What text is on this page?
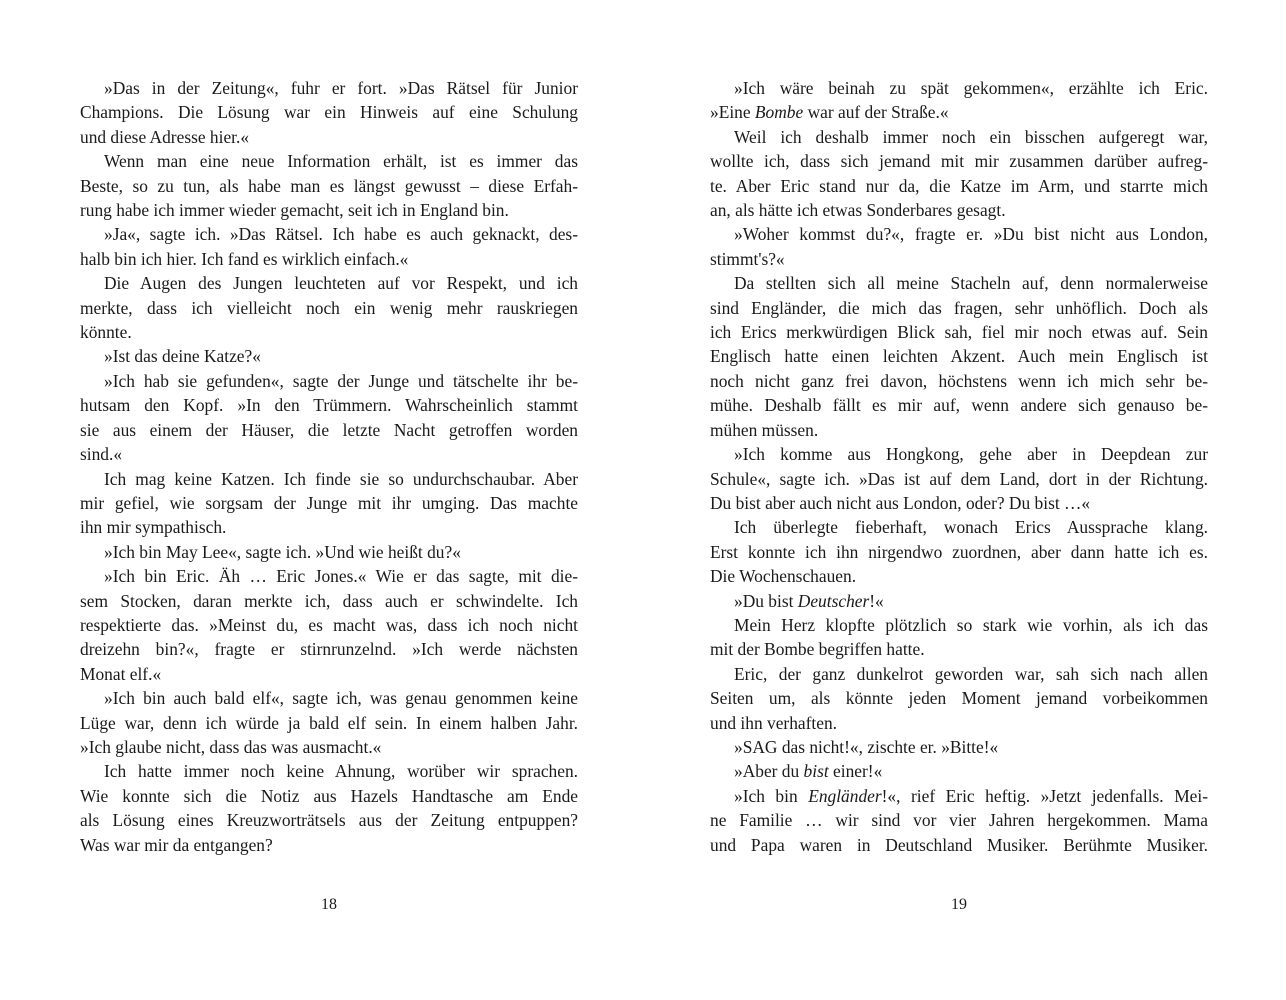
»Das in der Zeitung«, fuhr er fort. »Das Rätsel für Junior
Champions. Die Lösung war ein Hinweis auf eine Schulung
und diese Adresse hier.«
Wenn man eine neue Information erhält, ist es immer das
Beste, so zu tun, als habe man es längst gewusst – diese Erfah-
rung habe ich immer wieder gemacht, seit ich in England bin.
»Ja«, sagte ich. »Das Rätsel. Ich habe es auch geknackt, des-
halb bin ich hier. Ich fand es wirklich einfach.«
Die Augen des Jungen leuchteten auf vor Respekt, und ich
merkte, dass ich vielleicht noch ein wenig mehr rauskriegen
könnte.
»Ist das deine Katze?«
»Ich hab sie gefunden«, sagte der Junge und tätschelte ihr be-
hutsam den Kopf. »In den Trümmern. Wahrscheinlich stammt
sie aus einem der Häuser, die letzte Nacht getroffen worden
sind.«
Ich mag keine Katzen. Ich finde sie so undurchschaubar. Aber
mir gefiel, wie sorgsam der Junge mit ihr umging. Das machte
ihn mir sympathisch.
»Ich bin May Lee«, sagte ich. »Und wie heißt du?«
»Ich bin Eric. Äh … Eric Jones.« Wie er das sagte, mit die-
sem Stocken, daran merkte ich, dass auch er schwindelte. Ich
respektierte das. »Meinst du, es macht was, dass ich noch nicht
dreizehn bin?«, fragte er stirnrunzelnd. »Ich werde nächsten
Monat elf.«
»Ich bin auch bald elf«, sagte ich, was genau genommen keine
Lüge war, denn ich würde ja bald elf sein. In einem halben Jahr.
»Ich glaube nicht, dass das was ausmacht.«
Ich hatte immer noch keine Ahnung, worüber wir sprachen.
Wie konnte sich die Notiz aus Hazels Handtasche am Ende
als Lösung eines Kreuzworträtsels aus der Zeitung entpuppen?
Was war mir da entgangen?
18
»Ich wäre beinah zu spät gekommen«, erzählte ich Eric.
»Eine Bombe war auf der Straße.«
Weil ich deshalb immer noch ein bisschen aufgeregt war,
wollte ich, dass sich jemand mit mir zusammen darüber aufreg-
te. Aber Eric stand nur da, die Katze im Arm, und starrte mich
an, als hätte ich etwas Sonderbares gesagt.
»Woher kommst du?«, fragte er. »Du bist nicht aus London,
stimmt's?«
Da stellten sich all meine Stacheln auf, denn normalerweise
sind Engländer, die mich das fragen, sehr unhöflich. Doch als
ich Erics merkwürdigen Blick sah, fiel mir noch etwas auf. Sein
Englisch hatte einen leichten Akzent. Auch mein Englisch ist
noch nicht ganz frei davon, höchstens wenn ich mich sehr be-
mühe. Deshalb fällt es mir auf, wenn andere sich genauso be-
mühen müssen.
»Ich komme aus Hongkong, gehe aber in Deepdean zur
Schule«, sagte ich. »Das ist auf dem Land, dort in der Richtung.
Du bist aber auch nicht aus London, oder? Du bist …«
Ich überlegte fieberhaft, wonach Erics Aussprache klang.
Erst konnte ich ihn nirgendwo zuordnen, aber dann hatte ich es.
Die Wochenschauen.
»Du bist Deutscher!«
Mein Herz klopfte plötzlich so stark wie vorhin, als ich das
mit der Bombe begriffen hatte.
Eric, der ganz dunkelrot geworden war, sah sich nach allen
Seiten um, als könnte jeden Moment jemand vorbeikommen
und ihn verhaften.
»SAG das nicht!«, zischte er. »Bitte!«
»Aber du bist einer!«
»Ich bin Engländer!«, rief Eric heftig. »Jetzt jedenfalls. Mei-
ne Familie … wir sind vor vier Jahren hergekommen. Mama
und Papa waren in Deutschland Musiker. Berühmte Musiker.
19
